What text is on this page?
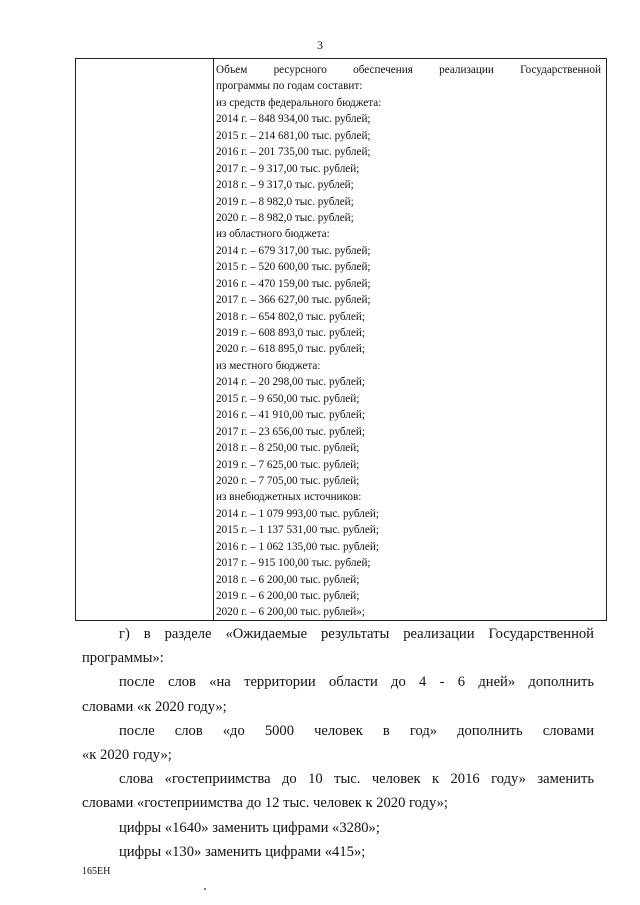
3
Объем ресурсного обеспечения реализации Государственной
программы по годам составит:
из средств федерального бюджета:
2014 г. – 848 934,00 тыс. рублей;
2015 г. – 214 681,00 тыс. рублей;
2016 г. – 201 735,00 тыс. рублей;
2017 г. – 9 317,00 тыс. рублей;
2018 г. – 9 317,0 тыс. рублей;
2019 г. – 8 982,0 тыс. рублей;
2020 г. – 8 982,0 тыс. рублей;
из областного бюджета:
2014 г. – 679 317,00 тыс. рублей;
2015 г. – 520 600,00 тыс. рублей;
2016 г. – 470 159,00 тыс. рублей;
2017 г. – 366 627,00 тыс. рублей;
2018 г. – 654 802,0 тыс. рублей;
2019 г. – 608 893,0 тыс. рублей;
2020 г. – 618 895,0 тыс. рублей;
из местного бюджета:
2014 г. – 20 298,00 тыс. рублей;
2015 г. – 9 650,00 тыс. рублей;
2016 г. – 41 910,00 тыс. рублей;
2017 г. – 23 656,00 тыс. рублей;
2018 г. – 8 250,00 тыс. рублей;
2019 г. – 7 625,00 тыс. рублей;
2020 г. – 7 705,00 тыс. рублей;
из внебюджетных источников:
2014 г. – 1 079 993,00 тыс. рублей;
2015 г. – 1 137 531,00 тыс. рублей;
2016 г. – 1 062 135,00 тыс. рублей;
2017 г. – 915 100,00 тыс. рублей;
2018 г. – 6 200,00 тыс. рублей;
2019 г. – 6 200,00 тыс. рублей;
2020 г. – 6 200,00 тыс. рублей»;
г) в разделе «Ожидаемые результаты реализации Государственной
программы»:
после слов «на территории области до 4 - 6 дней» дополнить
словами «к 2020 году»;
после слов «до 5000 человек в год» дополнить словами
«к 2020 году»;
слова «гостеприимства до 10 тыс. человек к 2016 году» заменить
словами «гостеприимства до 12 тыс. человек к 2020 году»;
цифры «1640» заменить цифрами «3280»;
цифры «130» заменить цифрами «415»;
165ЕН
